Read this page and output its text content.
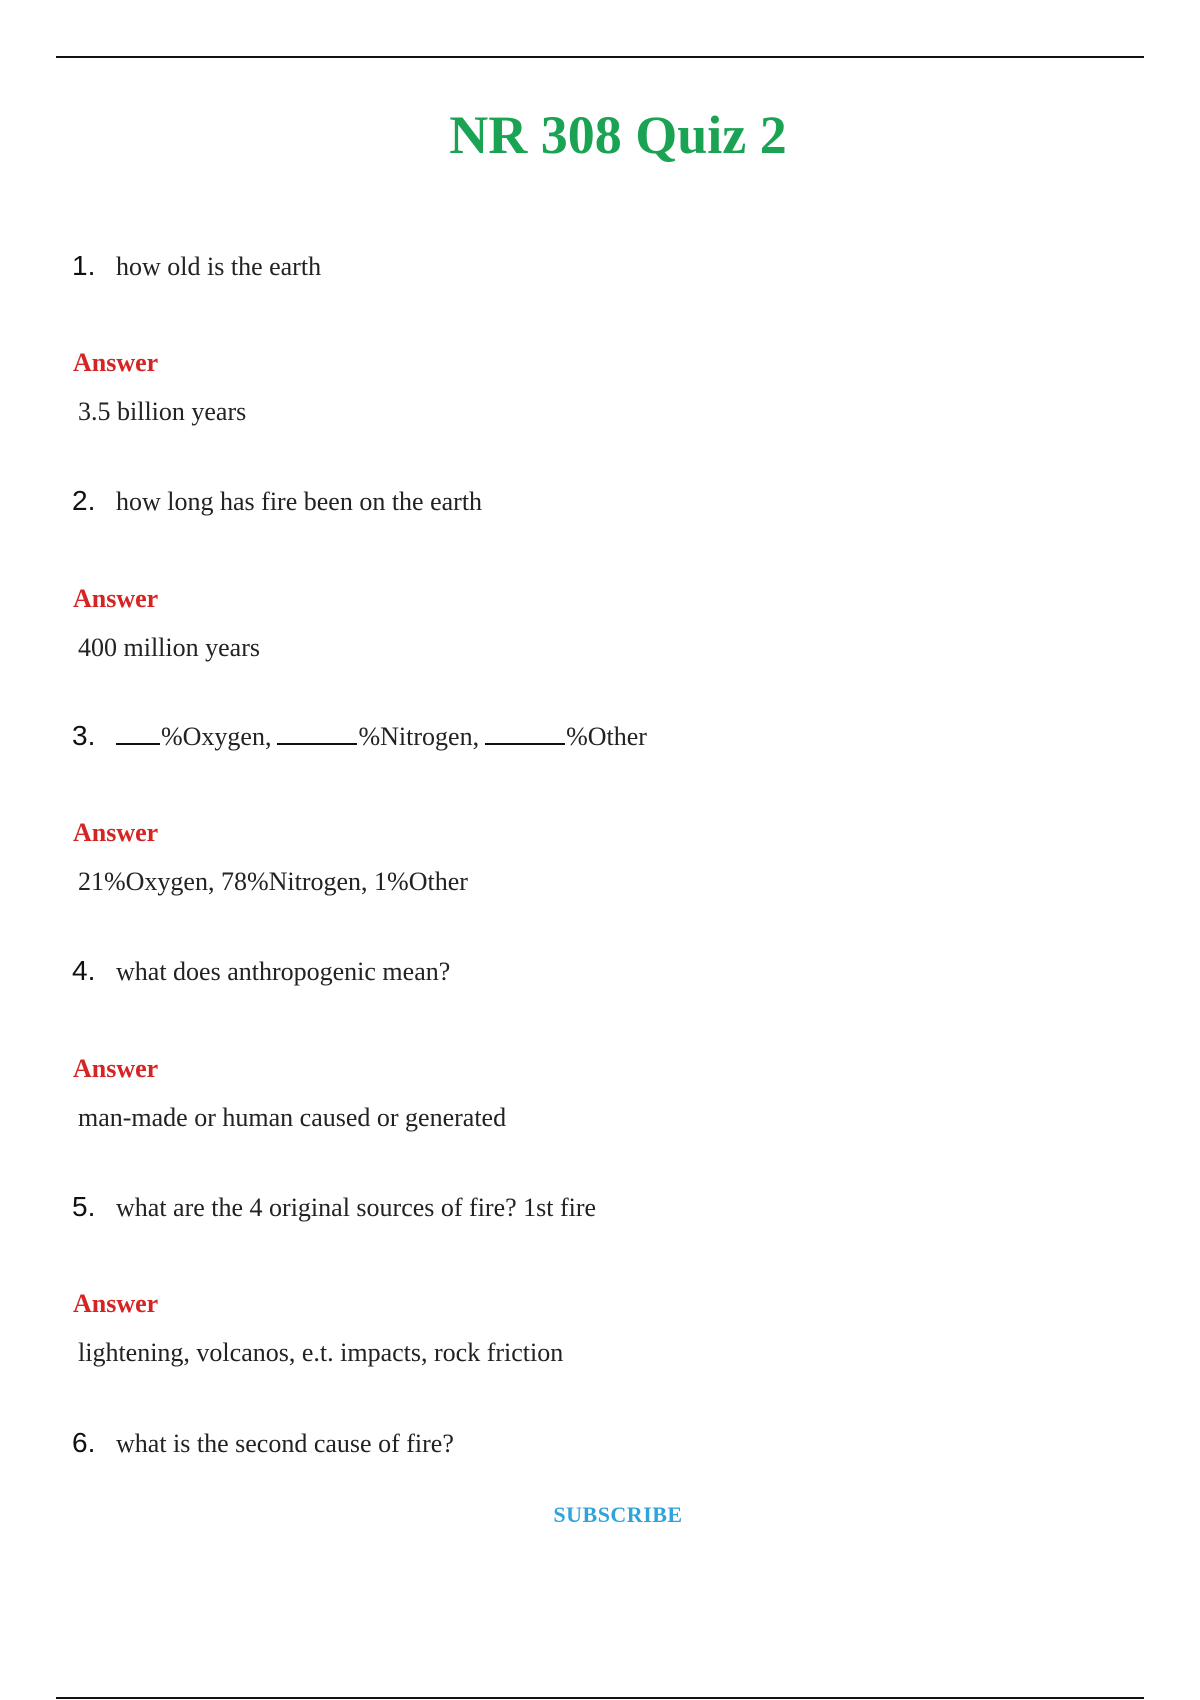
NR 308 Quiz 2
1. how old is the earth
Answer
3.5 billion years
2. how long has fire been on the earth
Answer
400 million years
3.	%Oxygen,	%Nitrogen,	%Other
Answer
21%Oxygen, 78%Nitrogen, 1%Other
4. what does anthropogenic mean?
Answer
man-made or human caused or generated
5. what are the 4 original sources of fire? 1st fire
Answer
lightening, volcanos, e.t. impacts, rock friction
6. what is the second cause of fire?
SUBSCRIBE
